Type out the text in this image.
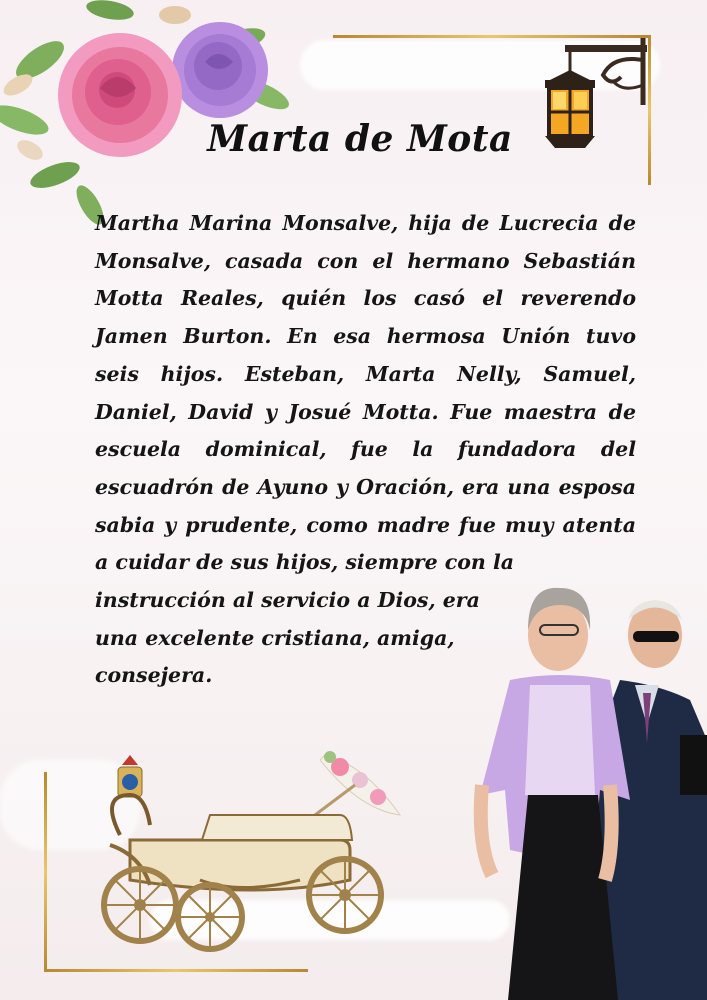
Marta de Mota
Martha Marina Monsalve, hija de Lucrecia de Monsalve, casada con el hermano Sebastián Motta Reales, quién los casó el reverendo Jamen Burton. En esa hermosa Unión tuvo seis hijos. Esteban, Marta Nelly, Samuel, Daniel, David y Josué Motta. Fue maestra de escuela dominical, fue la fundadora del escuadrón de Ayuno y Oración, era una esposa sabia y prudente, como madre fue muy atenta a cuidar de sus hijos, siempre con la
instrucción al servicio a Dios, era
una excelente cristiana, amiga,
consejera.
